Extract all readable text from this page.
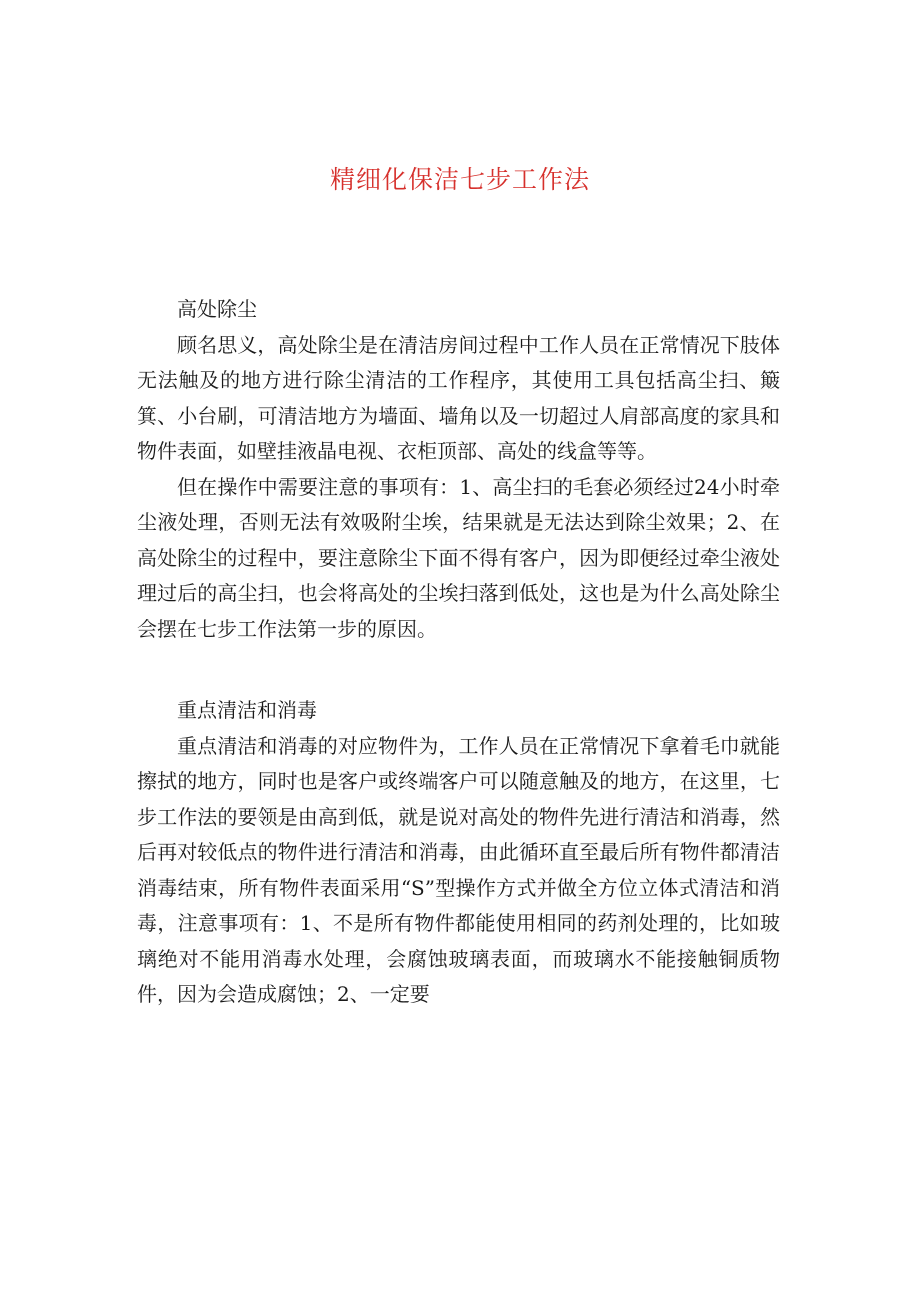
精细化保洁七步工作法

高处除尘

顾名思义，高处除尘是在清洁房间过程中工作人员在正常情况下肢体无法触及的地方进行除尘清洁的工作程序，其使用工具包括高尘扫、簸箕、小台刷，可清洁地方为墙面、墙角以及一切超过人肩部高度的家具和物件表面，如壁挂液晶电视、衣柜顶部、高处的线盒等等。

但在操作中需要注意的事项有：1、高尘扫的毛套必须经过24小时牵尘液处理，否则无法有效吸附尘埃，结果就是无法达到除尘效果；2、在高处除尘的过程中，要注意除尘下面不得有客户，因为即便经过牵尘液处理过后的高尘扫，也会将高处的尘埃扫落到低处，这也是为什么高处除尘会摆在七步工作法第一步的原因。

重点清洁和消毒

重点清洁和消毒的对应物件为，工作人员在正常情况下拿着毛巾就能擦拭的地方，同时也是客户或终端客户可以随意触及的地方，在这里，七步工作法的要领是由高到低，就是说对高处的物件先进行清洁和消毒，然后再对较低点的物件进行清洁和消毒，由此循环直至最后所有物件都清洁消毒结束，所有物件表面采用“S”型操作方式并做全方位立体式清洁和消毒，注意事项有：1、不是所有物件都能使用相同的药剂处理的，比如玻璃绝对不能用消毒水处理，会腐蚀玻璃表面，而玻璃水不能接触铜质物件，因为会造成腐蚀；2、一定要
